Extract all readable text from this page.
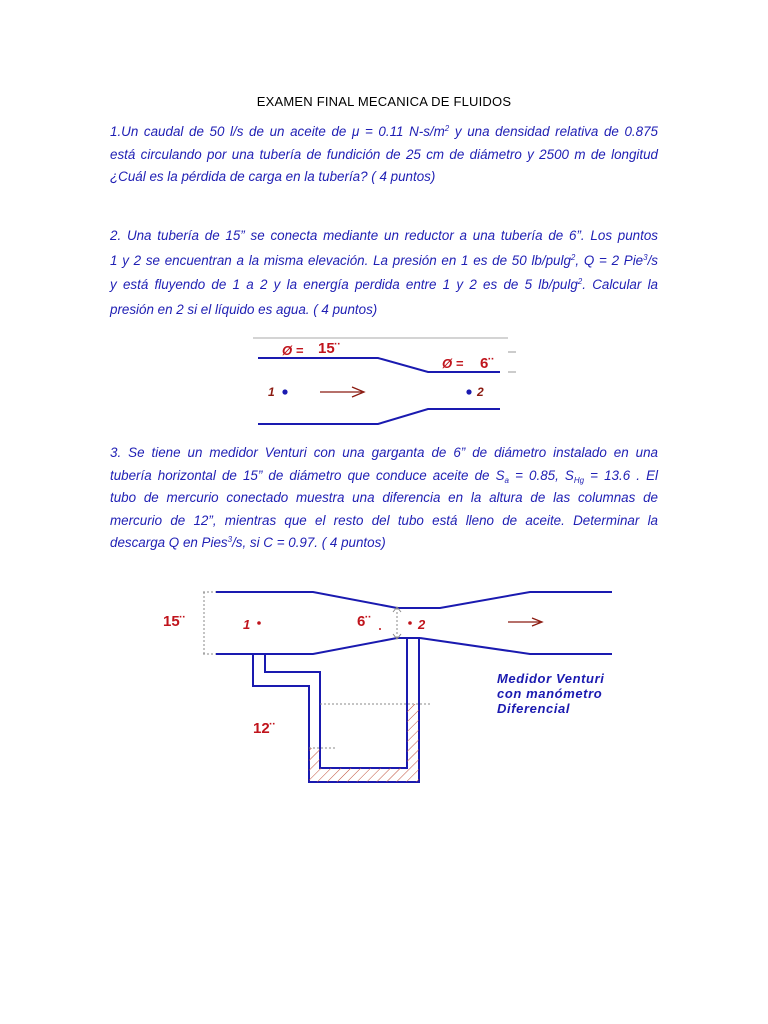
EXAMEN FINAL MECANICA DE FLUIDOS
1.Un caudal de 50 l/s de un aceite de μ = 0.11 $N-s/m^2$ y una densidad relativa de 0.875
está circulando por una tubería de fundición de 25 cm de diámetro y 2500 m de longitud
¿Cuál es la pérdida de carga en la tubería? ( 4 puntos)
2. Una tubería de 15” se conecta mediante un reductor a una tubería de 6”. Los puntos
1 y 2 se encuentran a la misma elevación. La presión en 1 es de 50 lb/pulg$^2$, Q = 2 Pie$^3$/s
y está fluyendo de 1 a 2 y la energía perdida entre 1 y 2 es de 5 lb/pulg$^2$. Calcular la
presión en 2 si el líquido es agua. ( 4 puntos)
3. Se tiene un medidor Venturi con una garganta de 6” de diámetro instalado en una
tubería horizontal de 15” de diámetro que conduce aceite de $S_a = 0.85$, $S_{Hg} = 13.6$ . El
tubo de mercurio conectado muestra una diferencia en la altura de las columnas de
mercurio de 12”, mientras que el resto del tubo está lleno de aceite. Determinar la
descarga Q en Pies$^3$/s, si C = 0.97. ( 4 puntos)
Ø = 15¨
Ø = 6¨
1	2
15¨	1	6¨	2
12¨
Medidor Venturi
con manómetro
Diferencial
